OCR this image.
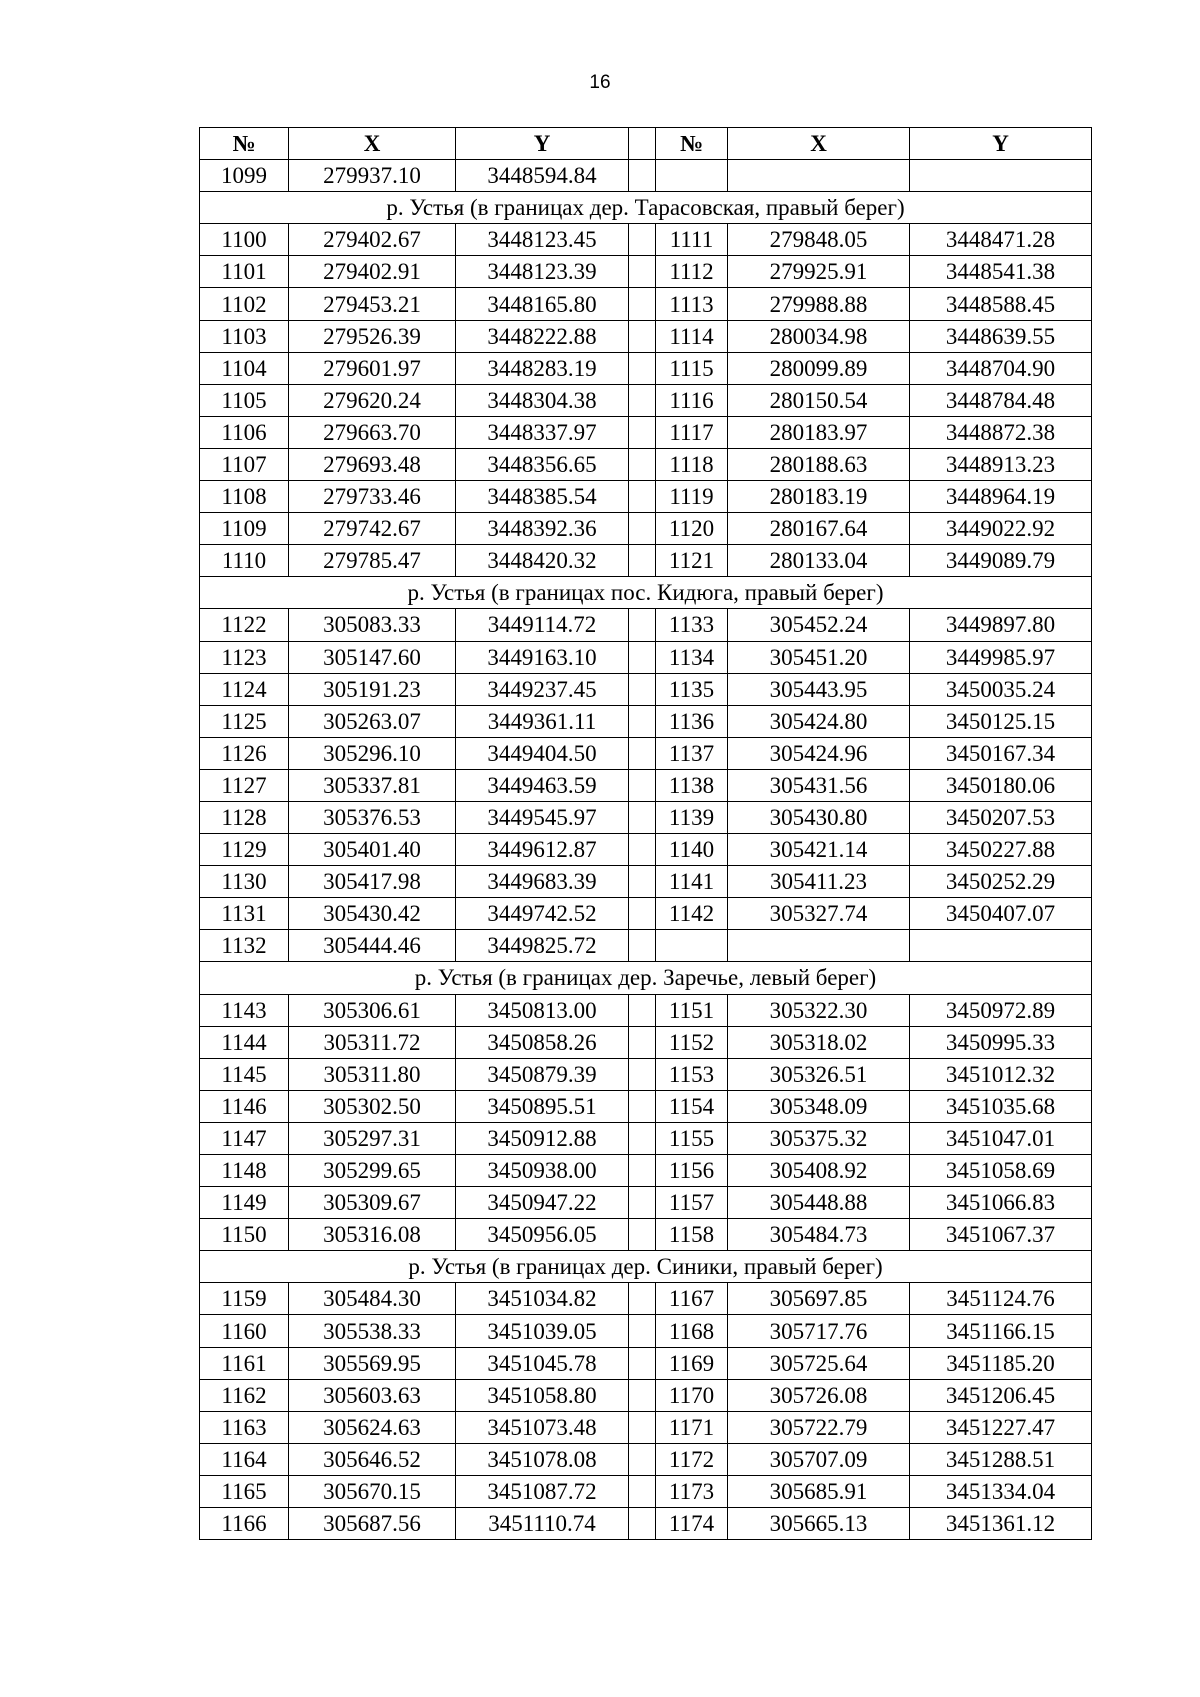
16
№	X	Y		№	X	Y
1099	279937.10	3448594.84				
р. Устья (в границах дер. Тарасовская, правый берег)						
1100	279402.67	3448123.45		1111	279848.05	3448471.28
1101	279402.91	3448123.39		1112	279925.91	3448541.38
1102	279453.21	3448165.80		1113	279988.88	3448588.45
1103	279526.39	3448222.88		1114	280034.98	3448639.55
1104	279601.97	3448283.19		1115	280099.89	3448704.90
1105	279620.24	3448304.38		1116	280150.54	3448784.48
1106	279663.70	3448337.97		1117	280183.97	3448872.38
1107	279693.48	3448356.65		1118	280188.63	3448913.23
1108	279733.46	3448385.54		1119	280183.19	3448964.19
1109	279742.67	3448392.36		1120	280167.64	3449022.92
1110	279785.47	3448420.32		1121	280133.04	3449089.79
р. Устья (в границах пос. Кидюга, правый берег)						
1122	305083.33	3449114.72		1133	305452.24	3449897.80
1123	305147.60	3449163.10		1134	305451.20	3449985.97
1124	305191.23	3449237.45		1135	305443.95	3450035.24
1125	305263.07	3449361.11		1136	305424.80	3450125.15
1126	305296.10	3449404.50		1137	305424.96	3450167.34
1127	305337.81	3449463.59		1138	305431.56	3450180.06
1128	305376.53	3449545.97		1139	305430.80	3450207.53
1129	305401.40	3449612.87		1140	305421.14	3450227.88
1130	305417.98	3449683.39		1141	305411.23	3450252.29
1131	305430.42	3449742.52		1142	305327.74	3450407.07
1132	305444.46	3449825.72				
р. Устья (в границах дер. Заречье, левый берег)						
1143	305306.61	3450813.00		1151	305322.30	3450972.89
1144	305311.72	3450858.26		1152	305318.02	3450995.33
1145	305311.80	3450879.39		1153	305326.51	3451012.32
1146	305302.50	3450895.51		1154	305348.09	3451035.68
1147	305297.31	3450912.88		1155	305375.32	3451047.01
1148	305299.65	3450938.00		1156	305408.92	3451058.69
1149	305309.67	3450947.22		1157	305448.88	3451066.83
1150	305316.08	3450956.05		1158	305484.73	3451067.37
р. Устья (в границах дер. Синики, правый берег)						
1159	305484.30	3451034.82		1167	305697.85	3451124.76
1160	305538.33	3451039.05		1168	305717.76	3451166.15
1161	305569.95	3451045.78		1169	305725.64	3451185.20
1162	305603.63	3451058.80		1170	305726.08	3451206.45
1163	305624.63	3451073.48		1171	305722.79	3451227.47
1164	305646.52	3451078.08		1172	305707.09	3451288.51
1165	305670.15	3451087.72		1173	305685.91	3451334.04
1166	305687.56	3451110.74		1174	305665.13	3451361.12
